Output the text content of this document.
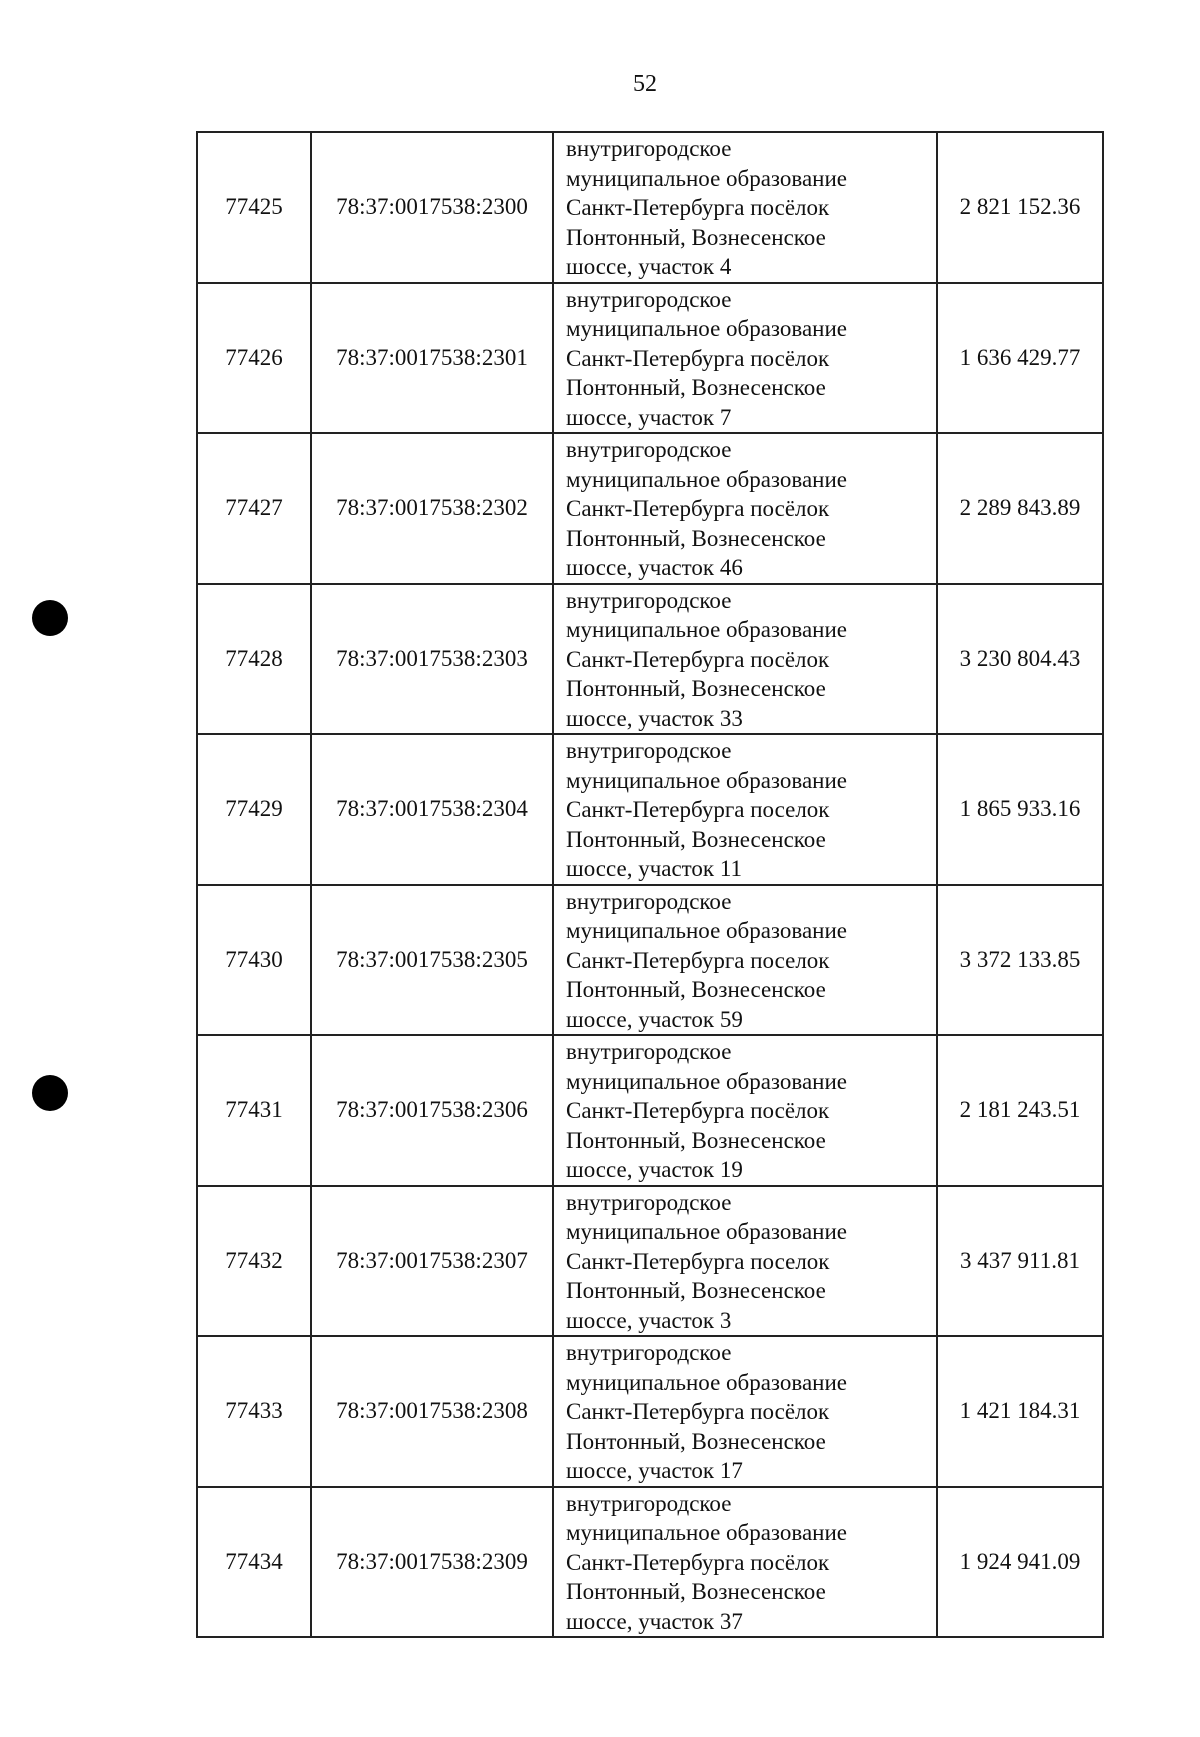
52
77425	78:37:0017538:2300	внутригородское
муниципальное образование
Санкт-Петербурга посёлок
Понтонный, Вознесенское
шоссе, участок 4	2 821 152.36
77426	78:37:0017538:2301	внутригородское
муниципальное образование
Санкт-Петербурга посёлок
Понтонный, Вознесенское
шоссе, участок 7	1 636 429.77
77427	78:37:0017538:2302	внутригородское
муниципальное образование
Санкт-Петербурга посёлок
Понтонный, Вознесенское
шоссе, участок 46	2 289 843.89
77428	78:37:0017538:2303	внутригородское
муниципальное образование
Санкт-Петербурга посёлок
Понтонный, Вознесенское
шоссе, участок 33	3 230 804.43
77429	78:37:0017538:2304	внутригородское
муниципальное образование
Санкт-Петербурга поселок
Понтонный, Вознесенское
шоссе, участок 11	1 865 933.16
77430	78:37:0017538:2305	внутригородское
муниципальное образование
Санкт-Петербурга поселок
Понтонный, Вознесенское
шоссе, участок 59	3 372 133.85
77431	78:37:0017538:2306	внутригородское
муниципальное образование
Санкт-Петербурга посёлок
Понтонный, Вознесенское
шоссе, участок 19	2 181 243.51
77432	78:37:0017538:2307	внутригородское
муниципальное образование
Санкт-Петербурга поселок
Понтонный, Вознесенское
шоссе, участок 3	3 437 911.81
77433	78:37:0017538:2308	внутригородское
муниципальное образование
Санкт-Петербурга посёлок
Понтонный, Вознесенское
шоссе, участок 17	1 421 184.31
77434	78:37:0017538:2309	внутригородское
муниципальное образование
Санкт-Петербурга посёлок
Понтонный, Вознесенское
шоссе, участок 37	1 924 941.09
